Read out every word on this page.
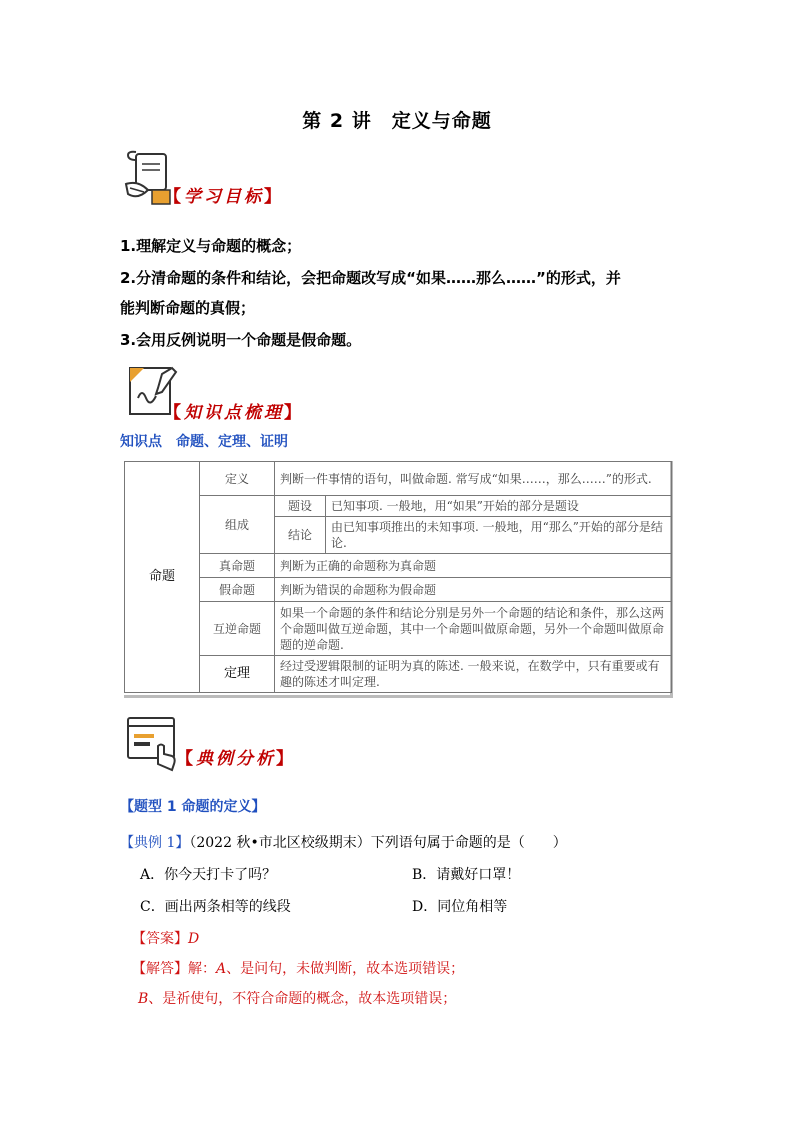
第 2 讲　定义与命题
【学习目标】
1.理解定义与命题的概念；
2.分清命题的条件和结论，会把命题改写成“如果……那么……”的形式，并
能判断命题的真假；
3.会用反例说明一个命题是假命题。
【知识点梳理】
知识点　命题、定理、证明
命题	定义	判断一件事情的语句，叫做命题. 常写成“如果……，那么……”的形式.	
	组成	题设	已知事项. 一般地，用“如果”开始的部分是题设
		结论	由已知事项推出的未知事项. 一般地，用“那么”开始的部分是结论.
	真命题	判断为正确的命题称为真命题	
	假命题	判断为错误的命题称为假命题	
	互逆命题	如果一个命题的条件和结论分别是另外一个命题的结论和条件，那么这两个命题叫做互逆命题，其中一个命题叫做原命题，另外一个命题叫做原命题的逆命题.	
	定理	经过受逻辑限制的证明为真的陈述. 一般来说，在数学中，只有重要或有趣的陈述才叫定理.	
【典例分析】
【题型 1 命题的定义】
【典例 1】（2022 秋•市北区校级期末）下列语句属于命题的是（　　）
A．你今天打卡了吗？	B．请戴好口罩！
C．画出两条相等的线段	D．同位角相等
【答案】D
【解答】解：A、是问句，未做判断，故本选项错误；
B、是祈使句，不符合命题的概念，故本选项错误；
